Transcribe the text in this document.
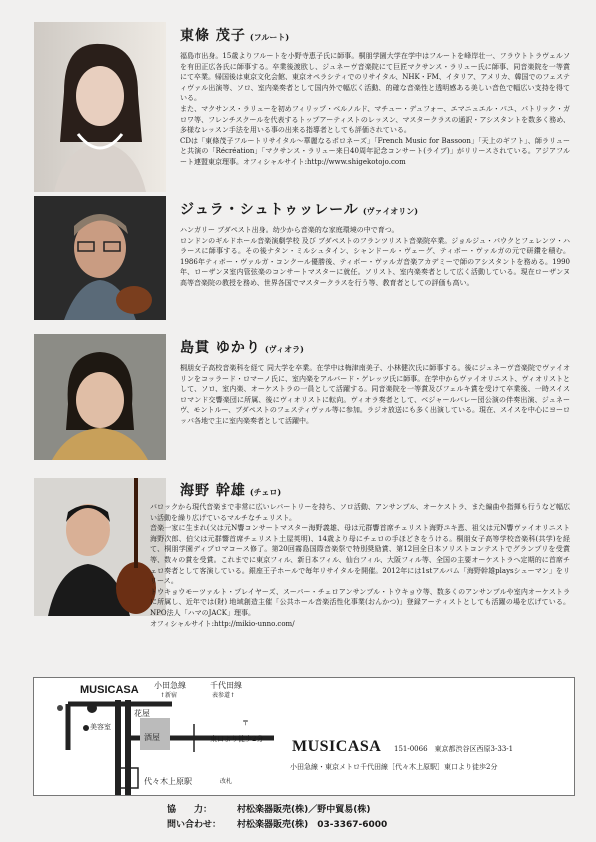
東條 茂子 (フルート)

福島市出身。15歳よりフルートを小野寺恵子氏に師事。桐朋学園大学在学中はフルートを峰岸壮一、フラウトトラヴェルソを有田正広各氏に師事する。卒業後渡欧し、ジュネーヴ音楽院にて巨匠マクサンス・ラリュー氏に師事、同音楽院を一等賞にて卒業。帰国後は東京文化会館、東京オペラシティでのリサイタル、NHK・FM、イタリア、アメリカ、韓国でのフェスティヴァル出演等、ソロ、室内楽奏者として国内外で幅広く活動、的確な音楽性と透明感ある美しい音色で幅広い支持を得ている。

また、マクサンス・ラリューを初めフィリップ・ベルノルド、マチュー・デュフォー、エマニュエル・パユ、パトリック・ガロワ等、フレンチスクールを代表するトップアーティストのレッスン、マスタークラスの通訳・アシスタントを数多く務め、多様なレッスン手法を用いる事の出来る指導者としても評価されている。

CDは「東條茂子フルートリサイタル～華麗なるポロネーズ」「French Music for Bassoon」「天上のギフト」、師ラリューと共演の「Récréation」「マクサンス・ラリュー来日40周年記念コンサート(ライブ)」がリリースされている。アジアフルート連盟東京理事。オフィシャルサイト:http://www.shigekotojo.com

ジュラ・シュトゥッレール (ヴァイオリン)

ハンガリー ブダペスト出身。幼少から音楽的な家庭環境の中で育つ。

ロンドンのギルドホール音楽演劇学校 及び ブダペストのフランツリスト音楽院卒業。ジョルジュ・パウクとフェレンツ・ハラースに師事する。その後ナタン・ミルシュタイン、シャンドール・ヴェーグ、ティボー・ヴァルガの元で研鑽を積む。1986年ティボー・ヴァルガ・コンクール優勝後、ティボー・ヴァルガ音楽アカデミーで師のアシスタントを務める。1990年、ローザンヌ室内管弦楽のコンサートマスターに就任。ソリスト、室内楽奏者として広く活動している。現在ローザンヌ高等音楽院の教授を務め、世界各国でマスタークラスを行う等、教育者としての評価も高い。

島貫 ゆかり (ヴィオラ)

桐朋女子高校音楽科を経て 同大学を卒業。在学中は梅津南美子、小林健次氏に師事する。後にジュネーヴ音楽院でヴァイオリンをコッラード・ロマーノ氏に、室内楽をアルバード・ゲレッツ氏に師事。在学中からヴァイオリニスト、ヴィオリストとして、ソロ、室内楽、オーケストラの一員として活躍する。同音楽院を一等賞及びフェルキ賞を受けて卒業後、一時スイスロマンド交響楽団に所属、後にヴィオリストに転向。ヴィオラ奏者として、ベジャールバレー団公演の伴奏出演、ジュネーヴ、モントルー、ブダペストのフェスティヴァル等に参加。ラジオ放送にも多く出演している。現在、スイスを中心にヨーロッパ各地で主に室内楽奏者として活躍中。

海野 幹雄 (チェロ)

バロックから現代音楽まで非常に広いレパートリーを持ち、ソロ活動、アンサンブル、オーケストラ、また編曲や指揮も行うなど幅広い活動を繰り広げているマルチなチェリスト。

音楽一家に生まれ(父は元N響コンサートマスター海野義雄、母は元群響首席チェリスト海野ユキ恵、祖父は元N響ヴァイオリニスト海野次郎、伯父は元群響首席チェリスト土屋英明)、14歳より母にチェロの手ほどきをうける。桐朋女子高等学校音楽科(共学)を経て、桐朋学園ディプロマコース修了。第20回霧島国際音楽祭で特別奨励賞、第12回全日本ソリストコンテストでグランプリを受賞等、数々の賞を受賞。これまでに東京フィル、新日本フィル、仙台フィル、大阪フィル等、全国の主要オーケストラへ定期的に首席チェロ奏者として客演している。銀座王子ホールで毎年リサイタルを開催。2012年には1stアルバム「海野幹雄playsシューマン」をリリース。

トウキョウモーツァルト・プレイヤーズ、スーパー・チェロアンサンブル・トウキョウ等、数多くのアンサンブルや室内オーケストラに所属し、近年では(財) 地域創造主催「公共ホール音楽活性化事業(おんかつ)」登録アーティストとしても活躍の場を広げている。NPO法人「ハマのJACK」理事。

オフィシャルサイト:http://mikio-unno.com/

MUSICASA 小田急線
↑新宿
千代田線
表参道↑
花屋
美容室
酒屋	東口より徒歩2分
代々木上原駅	改札
〒
MUSICASA 151-0066　 東京都渋谷区西原3-33-1
小田急線・東京メトロ千代田線［代々木上原駅］東口より徒歩2分
協　　力：	村松楽器販売(株)／野中貿易(株)
問い合わせ： 村松楽器販売(株)　03-3367-6000
